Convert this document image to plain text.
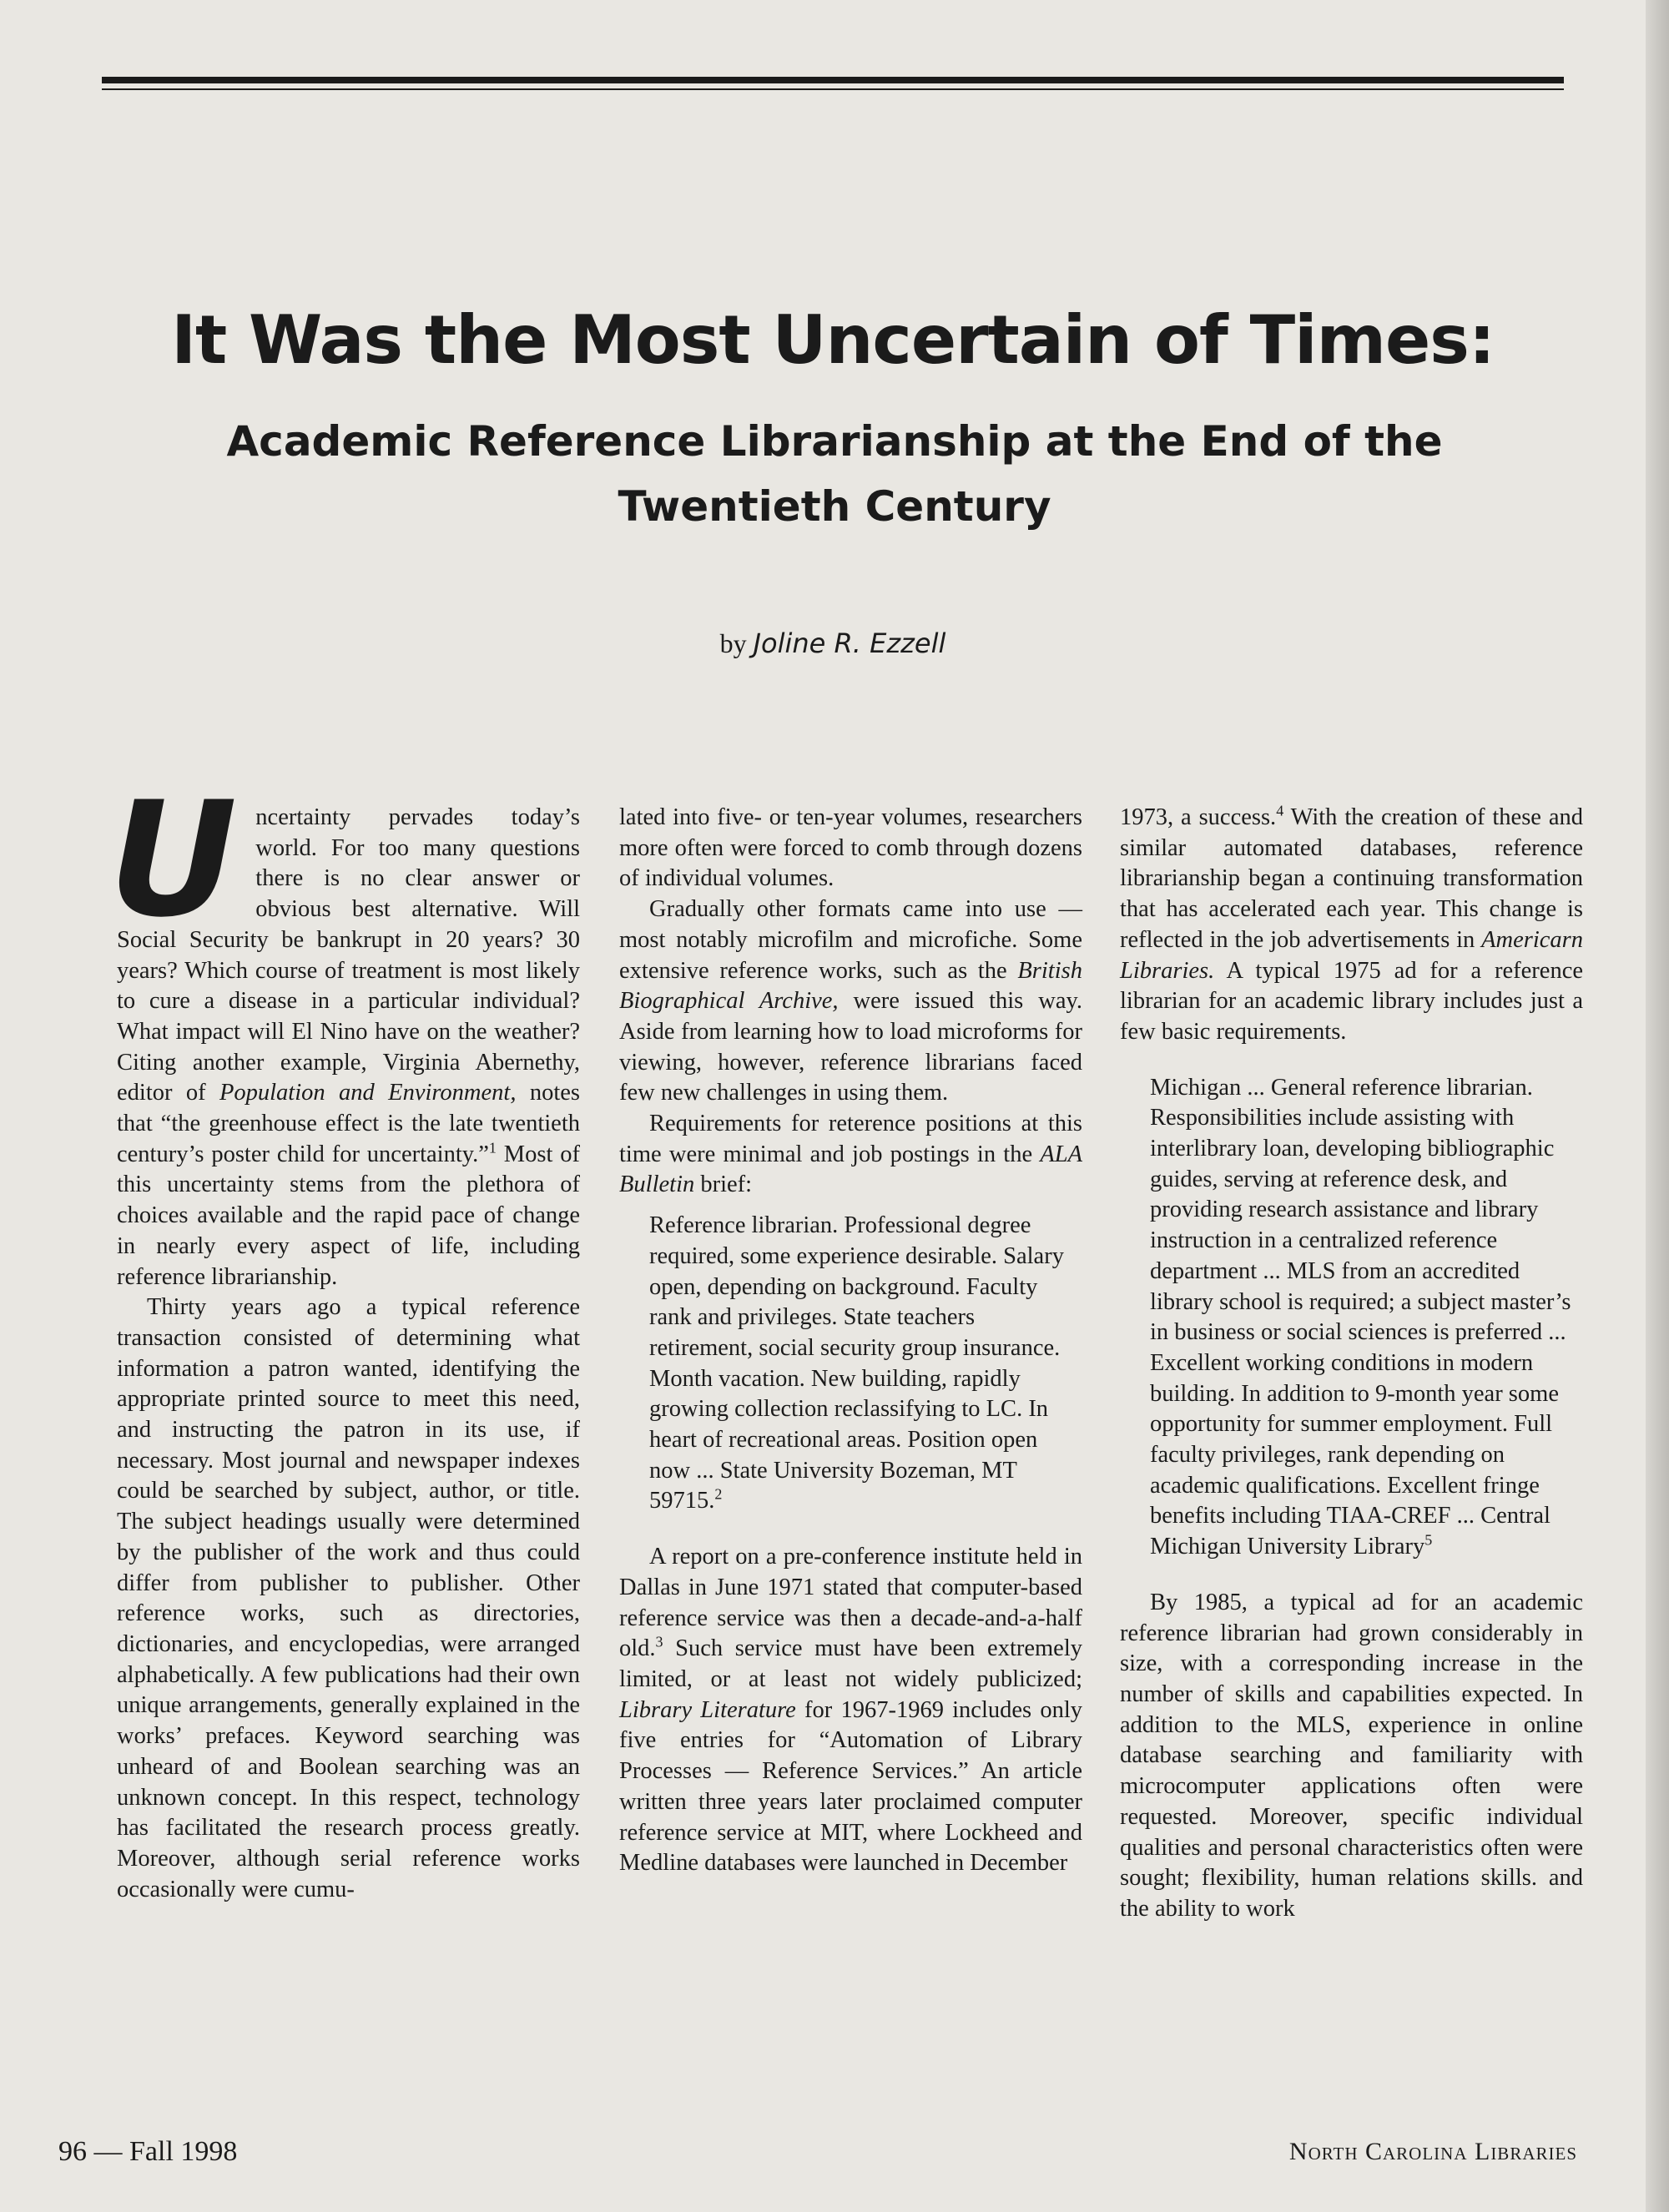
It Was the Most Uncertain of Times:
Academic Reference Librarianship at the End of the Twentieth Century
by Joline R. Ezzell

Uncertainty pervades today’s world. For too many questions there is no clear answer or obvious best alternative. Will Social Security be bankrupt in 20 years? 30 years? Which course of treatment is most likely to cure a disease in a particular individual? What impact will El Nino have on the weather? Citing another example, Virginia Abernethy, editor of Population and Environment, notes that “the greenhouse effect is the late twentieth century’s poster child for uncertainty.”$^1$ Most of this uncertainty stems from the plethora of choices available and the rapid pace of change in nearly every aspect of life, including reference librarianship.

Thirty years ago a typical reference transaction consisted of determining what information a patron wanted, identifying the appropriate printed source to meet this need, and instructing the patron in its use, if necessary. Most journal and newspaper indexes could be searched by subject, author, or title. The subject headings usually were determined by the publisher of the work and thus could differ from publisher to publisher. Other reference works, such as directories, dictionaries, and encyclopedias, were arranged alphabetically. A few publications had their own unique arrangements, generally explained in the works’ prefaces. Keyword searching was unheard of and Boolean searching was an unknown concept. In this respect, technology has facilitated the research process greatly. Moreover, although serial reference works occasionally were cumu-

lated into five- or ten-year volumes, researchers more often were forced to comb through dozens of individual volumes.

Gradually other formats came into use — most notably microfilm and microfiche. Some extensive reference works, such as the British Biographical Archive, were issued this way. Aside from learning how to load microforms for viewing, however, reference librarians faced few new challenges in using them.

Requirements for reterence positions at this time were minimal and job postings in the ALA Bulletin brief:

Reference librarian. Professional degree required, some experience desirable. Salary open, depending on background. Faculty rank and privileges. State teachers retirement, social security group insurance. Month vacation. New building, rapidly growing collection reclassifying to LC. In heart of recreational areas. Position open now ... State University Bozeman, MT 59715.$^2$

A report on a pre-conference institute held in Dallas in June 1971 stated that computer-based reference service was then a decade-and-a-half old.$^3$ Such service must have been extremely limited, or at least not widely publicized; Library Literature for 1967-1969 includes only five entries for “Automation of Library Processes — Reference Services.” An article written three years later proclaimed computer reference service at MIT, where Lockheed and Medline databases were launched in December

1973, a success.$^4$ With the creation of these and similar automated databases, reference librarianship began a continuing transformation that has accelerated each year. This change is reflected in the job advertisements in Americarn Libraries. A typical 1975 ad for a reference librarian for an academic library includes just a few basic requirements.

Michigan ... General reference librarian. Responsibilities include assisting with interlibrary loan, developing bibliographic guides, serving at reference desk, and providing research assistance and library instruction in a centralized reference department ... MLS from an accredited library school is required; a subject master’s in business or social sciences is preferred ... Excellent working conditions in modern building. In addition to 9-month year some opportunity for summer employment. Full faculty privileges, rank depending on academic qualifications. Excellent fringe benefits including TIAA-CREF ... Central Michigan University Library$^5$

By 1985, a typical ad for an academic reference librarian had grown considerably in size, with a corresponding increase in the number of skills and capabilities expected. In addition to the MLS, experience in online database searching and familiarity with microcomputer applications often were requested. Moreover, specific individual qualities and personal characteristics often were sought; flexibility, human relations skills. and the ability to work

96 — Fall 1998	North Carolina Libraries
